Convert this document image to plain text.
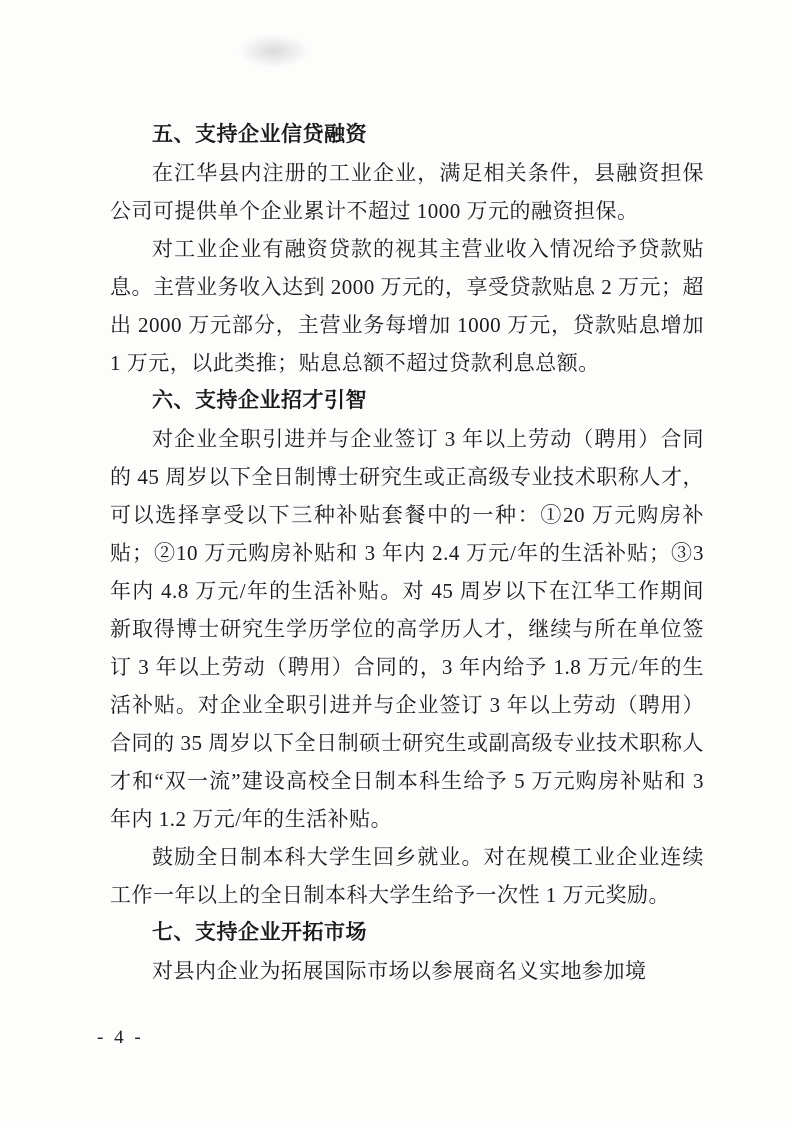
五、支持企业信贷融资

在江华县内注册的工业企业，满足相关条件，县融资担保公司可提供单个企业累计不超过 1000 万元的融资担保。

对工业企业有融资贷款的视其主营业收入情况给予贷款贴息。主营业务收入达到 2000 万元的，享受贷款贴息 2 万元；超出 2000 万元部分，主营业务每增加 1000 万元，贷款贴息增加 1 万元，以此类推；贴息总额不超过贷款利息总额。

六、支持企业招才引智

对企业全职引进并与企业签订 3 年以上劳动（聘用）合同的 45 周岁以下全日制博士研究生或正高级专业技术职称人才，可以选择享受以下三种补贴套餐中的一种：①20 万元购房补贴；②10 万元购房补贴和 3 年内 2.4 万元/年的生活补贴；③3 年内 4.8 万元/年的生活补贴。对 45 周岁以下在江华工作期间新取得博士研究生学历学位的高学历人才，继续与所在单位签订 3 年以上劳动（聘用）合同的，3 年内给予 1.8 万元/年的生活补贴。对企业全职引进并与企业签订 3 年以上劳动（聘用）合同的 35 周岁以下全日制硕士研究生或副高级专业技术职称人才和“双一流”建设高校全日制本科生给予 5 万元购房补贴和 3 年内 1.2 万元/年的生活补贴。

鼓励全日制本科大学生回乡就业。对在规模工业企业连续工作一年以上的全日制本科大学生给予一次性 1 万元奖励。

七、支持企业开拓市场

对县内企业为拓展国际市场以参展商名义实地参加境

- 4 -
